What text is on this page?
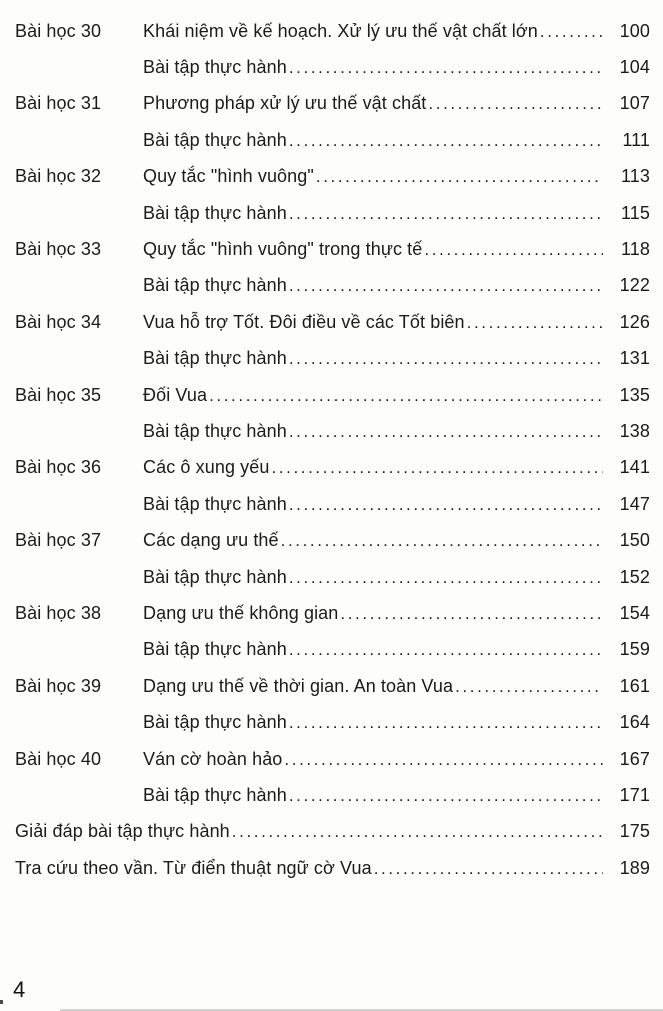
Bài học 30	Khái niệm về kế hoạch. Xử lý ưu thế vật chất lớn .....	100
Bài tập thực hành .....	104
Bài học 31	Phương pháp xử lý ưu thế vật chất .....	107
Bài tập thực hành .....	111
Bài học 32	Quy tắc "hình vuông" .....	113
Bài tập thực hành .....	115
Bài học 33	Quy tắc "hình vuông" trong thực tế .....	118
Bài tập thực hành .....	122
Bài học 34	Vua hỗ trợ Tốt. Đôi điều về các Tốt biên .....	126
Bài tập thực hành .....	131
Bài học 35	Đối Vua .....	135
Bài tập thực hành .....	138
Bài học 36	Các ô xung yếu .....	141
Bài tập thực hành .....	147
Bài học 37	Các dạng ưu thế .....	150
Bài tập thực hành .....	152
Bài học 38	Dạng ưu thế không gian .....	154
Bài tập thực hành .....	159
Bài học 39	Dạng ưu thế về thời gian. An toàn Vua .....	161
Bài tập thực hành .....	164
Bài học 40	Ván cờ hoàn hảo .....	167
Bài tập thực hành .....	171
Giải đáp bài tập thực hành .....	175
Tra cứu theo vần. Từ điển thuật ngữ cờ Vua .....	189
4
